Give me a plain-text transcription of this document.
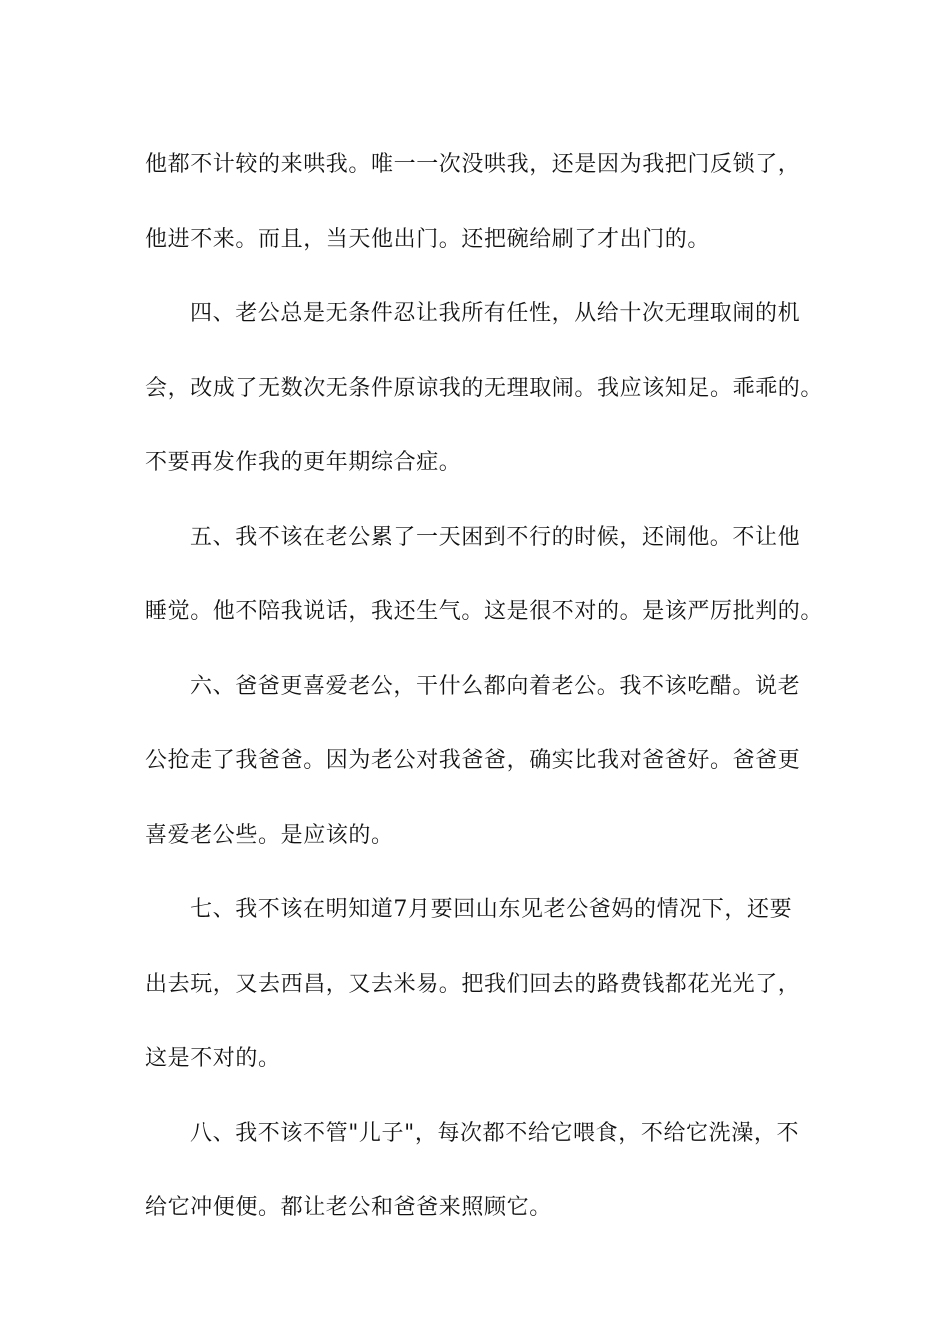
他都不计较的来哄我。唯一一次没哄我，还是因为我把门反锁了，
他进不来。而且，当天他出门。还把碗给刷了才出门的。
四、老公总是无条件忍让我所有任性，从给十次无理取闹的机
会，改成了无数次无条件原谅我的无理取闹。我应该知足。乖乖的。
不要再发作我的更年期综合症。
五、我不该在老公累了一天困到不行的时候，还闹他。不让他
睡觉。他不陪我说话，我还生气。这是很不对的。是该严厉批判的。
六、爸爸更喜爱老公，干什么都向着老公。我不该吃醋。说老
公抢走了我爸爸。因为老公对我爸爸，确实比我对爸爸好。爸爸更
喜爱老公些。是应该的。
七、我不该在明知道7月要回山东见老公爸妈的情况下，还要
出去玩，又去西昌，又去米易。把我们回去的路费钱都花光光了，
这是不对的。
八、我不该不管"儿子"，每次都不给它喂食，不给它洗澡，不
给它冲便便。都让老公和爸爸来照顾它。
